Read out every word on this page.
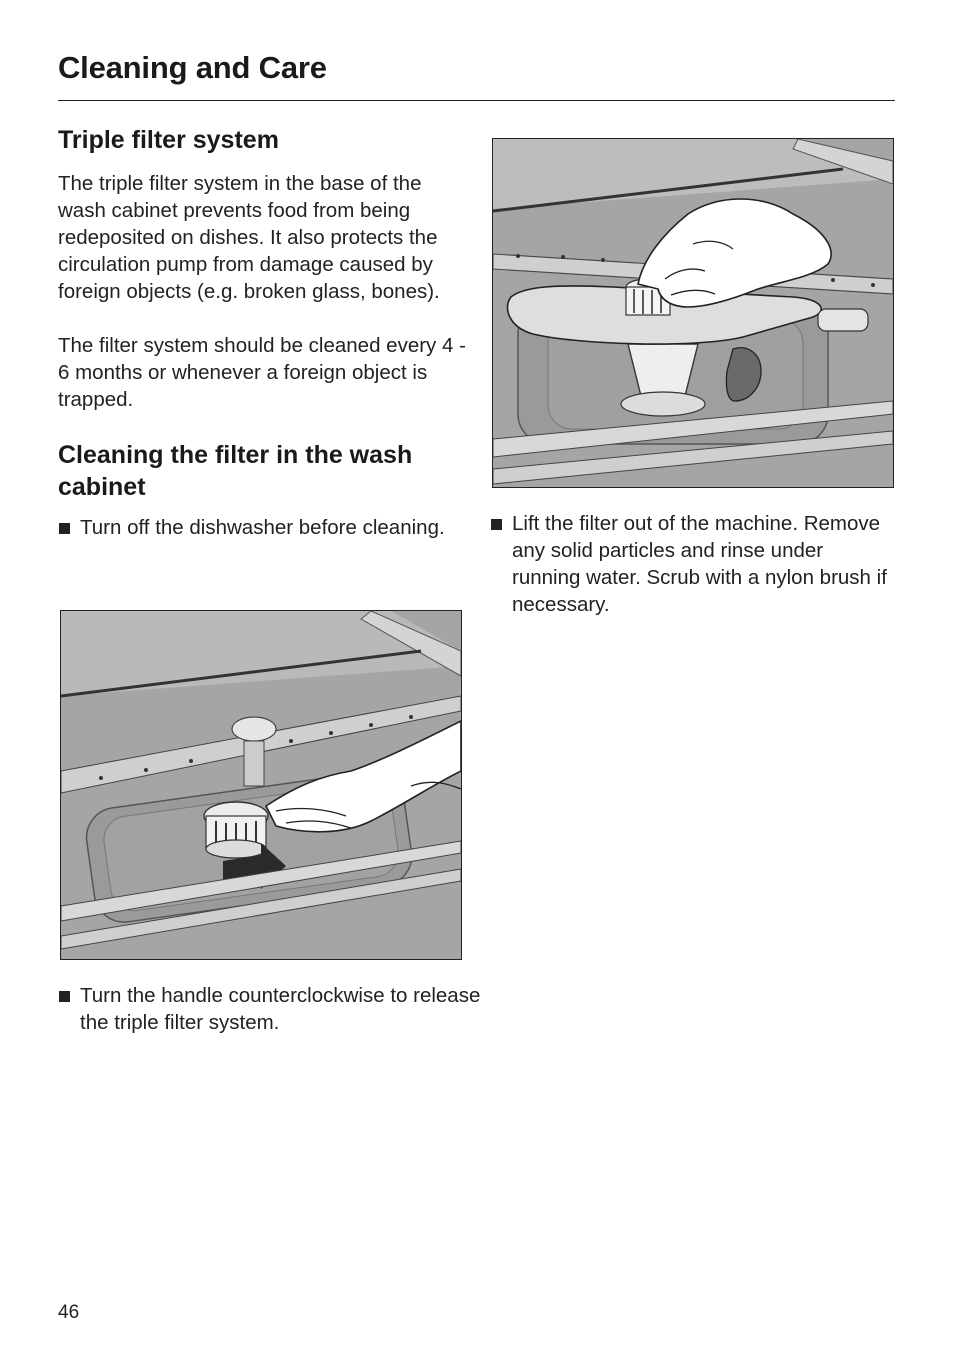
Cleaning and Care
Triple filter system

The triple filter system in the base of the wash cabinet prevents food from being redeposited on dishes. It also protects the circulation pump from damage caused by foreign objects (e.g. broken glass, bones).

The filter system should be cleaned every 4 - 6 months or whenever a foreign object is trapped.

Cleaning the filter in the wash cabinet
Turn off the dishwasher before cleaning.
Turn the handle counterclockwise to release the triple filter system.
Lift the filter out of the machine. Remove any solid particles and rinse under running water. Scrub with a nylon brush if necessary.
46
